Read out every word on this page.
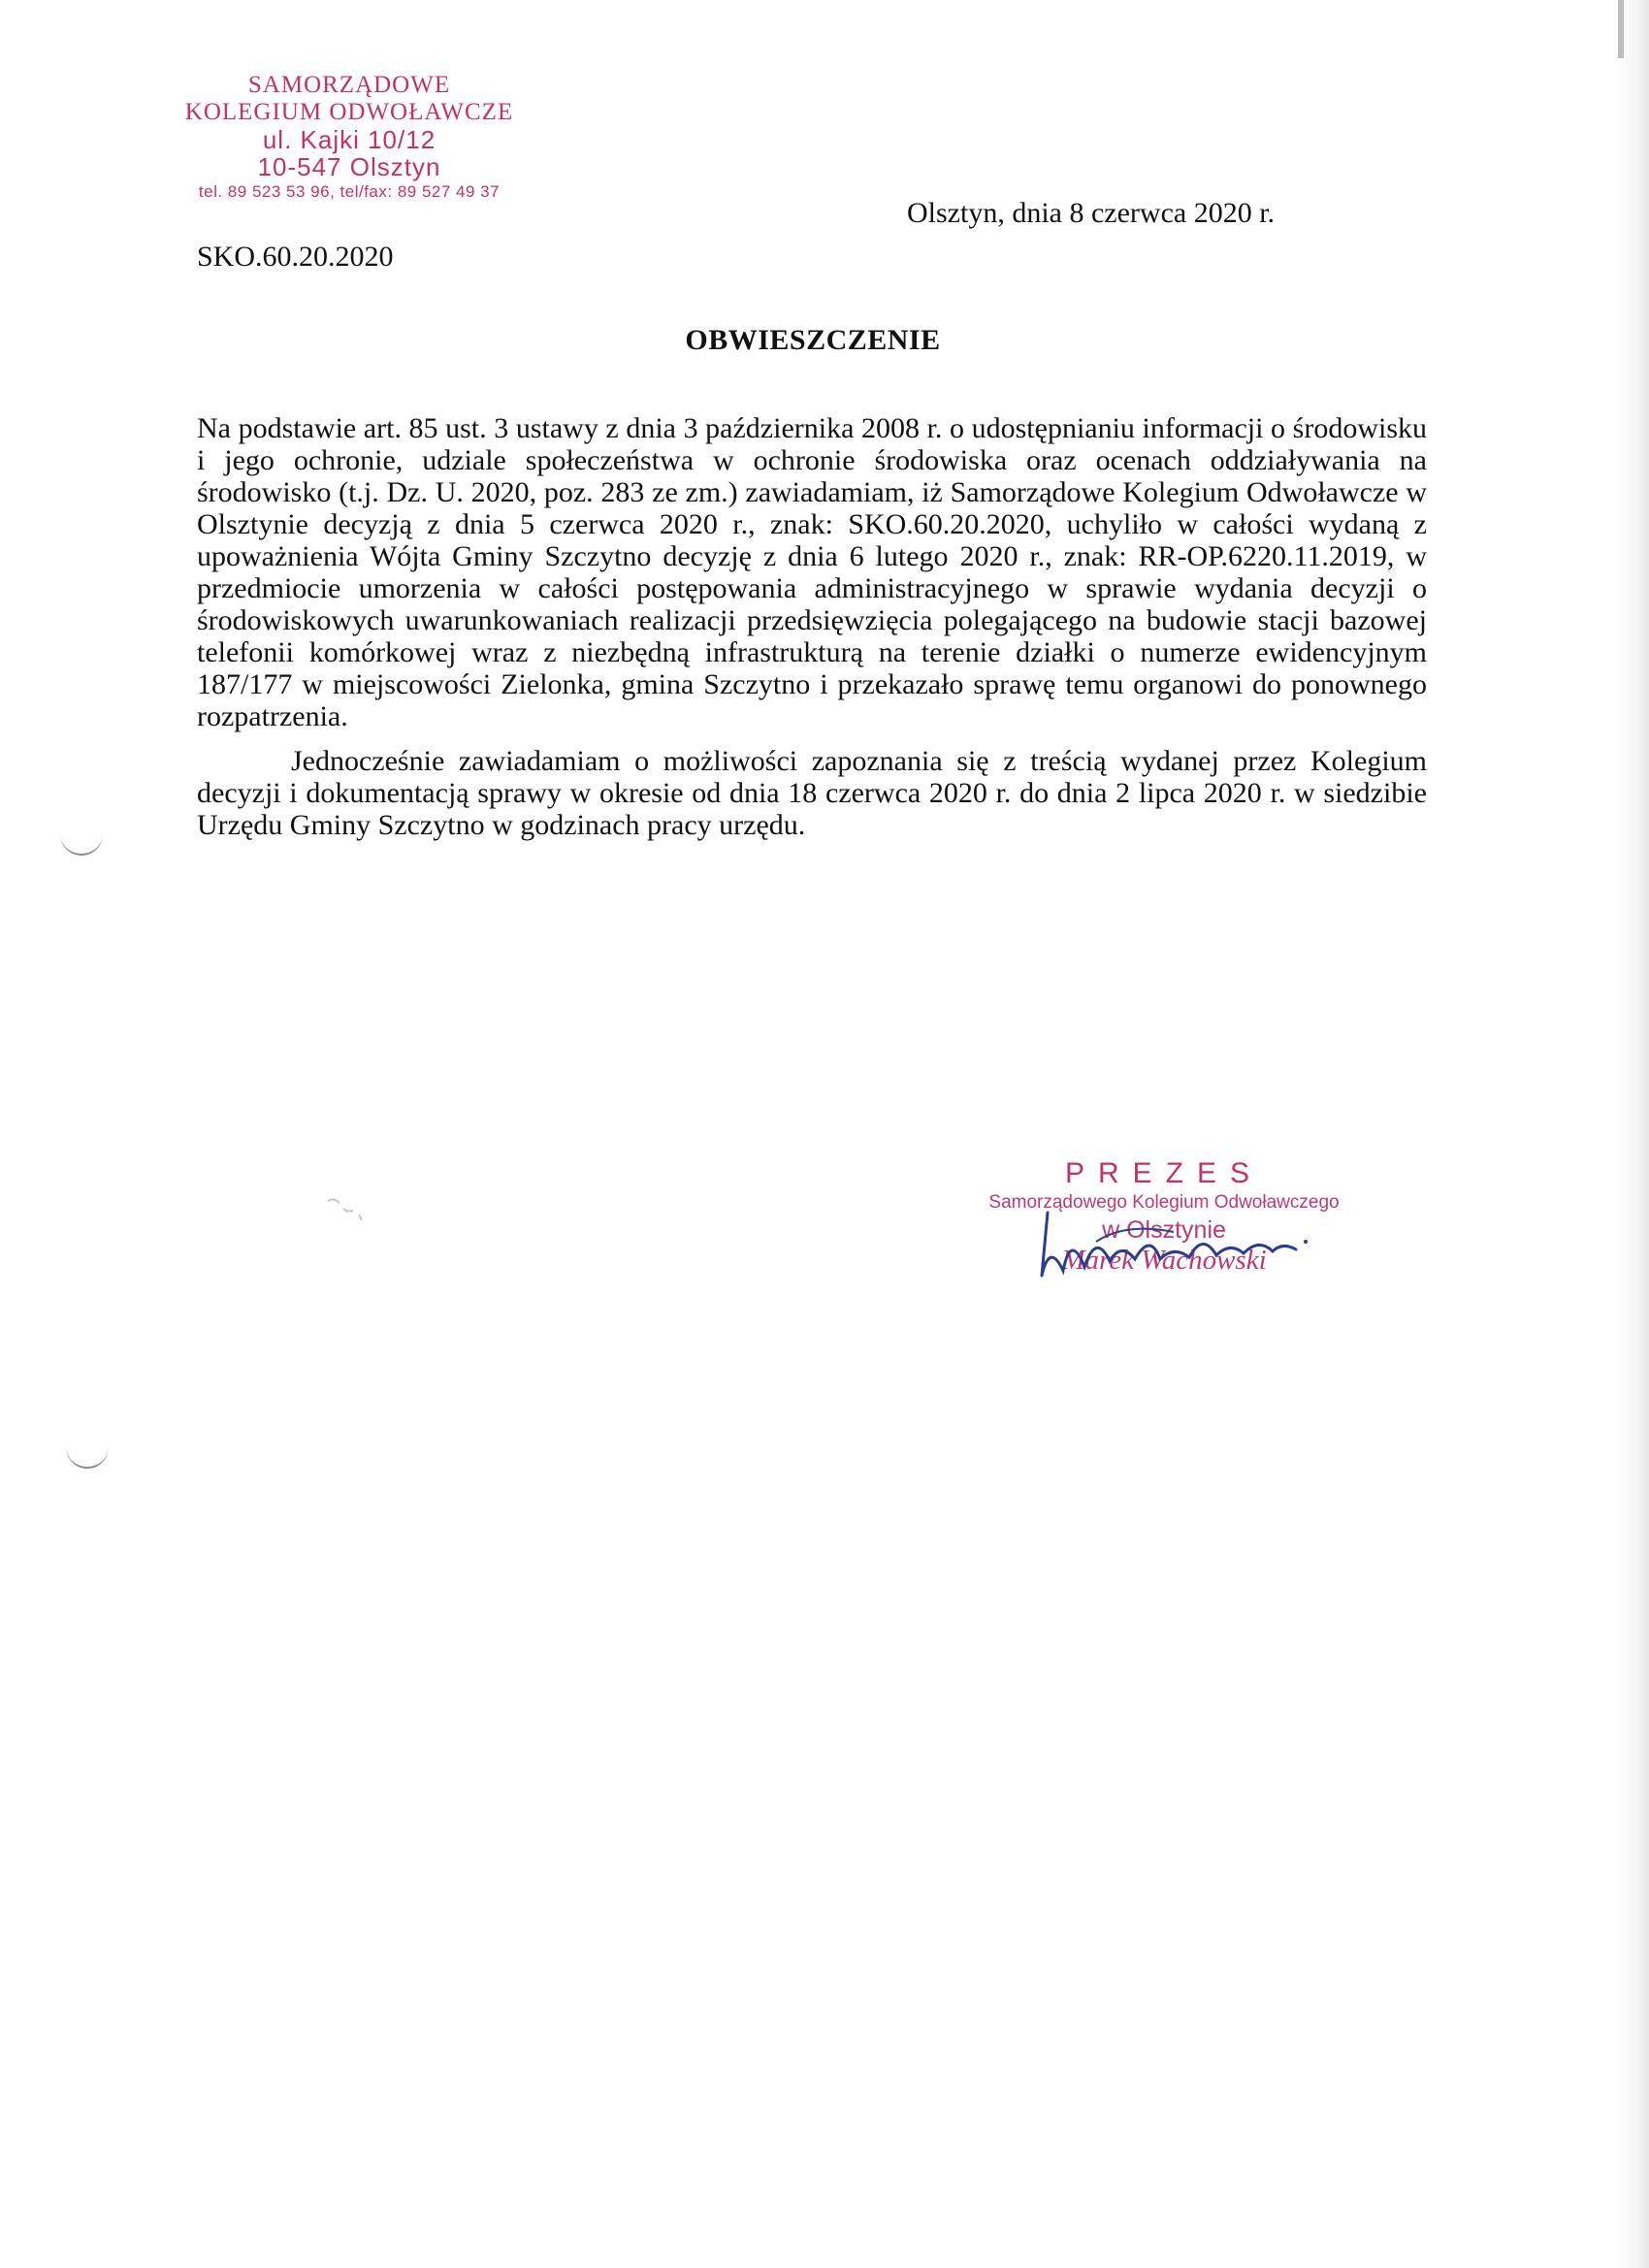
SAMORZĄDOWE
KOLEGIUM ODWOŁAWCZE
ul. Kajki 10/12
10-547 Olsztyn
tel. 89 523 53 96, tel/fax: 89 527 49 37
Olsztyn, dnia 8 czerwca 2020 r.
SKO.60.20.2020
OBWIESZCZENIE

Na podstawie art. 85 ust. 3 ustawy z dnia 3 października 2008 r. o udostępnianiu informacji o środowisku i jego ochronie, udziale społeczeństwa w ochronie środowiska oraz ocenach oddziaływania na środowisko (t.j. Dz. U. 2020, poz. 283 ze zm.) zawiadamiam, iż Samorządowe Kolegium Odwoławcze w Olsztynie decyzją z dnia 5 czerwca 2020 r., znak: SKO.60.20.2020, uchyliło w całości wydaną z upoważnienia Wójta Gminy Szczytno decyzję z dnia 6 lutego 2020 r., znak: RR-OP.6220.11.2019, w przedmiocie umorzenia w całości postępowania administracyjnego w sprawie wydania decyzji o środowiskowych uwarunkowaniach realizacji przedsięwzięcia polegającego na budowie stacji bazowej telefonii komórkowej wraz z niezbędną infrastrukturą na terenie działki o numerze ewidencyjnym 187/177 w miejscowości Zielonka, gmina Szczytno i przekazało sprawę temu organowi do ponownego rozpatrzenia.

Jednocześnie zawiadamiam o możliwości zapoznania się z treścią wydanej przez Kolegium decyzji i dokumentacją sprawy w okresie od dnia 18 czerwca 2020 r. do dnia 2 lipca 2020 r. w siedzibie Urzędu Gminy Szczytno w godzinach pracy urzędu.

PREZES
Samorządowego Kolegium Odwoławczego
w Olsztynie
Marek Wachowski
